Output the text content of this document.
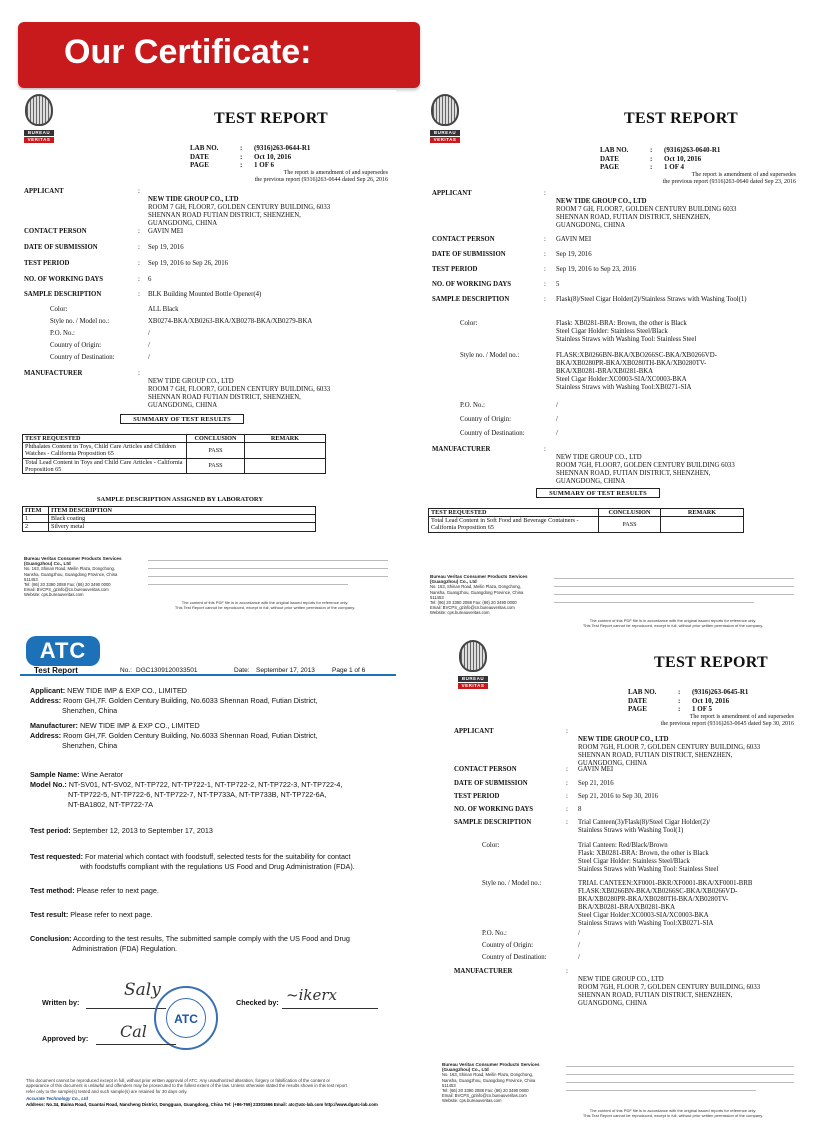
Our Certificate:
BUREAU
VERITAS
TEST REPORT
LAB NO.	:	(9316)263-0644-R1
DATE	:	Oct 10, 2016
PAGE	:	1 OF 6
The report is amendment of and supersedes
the previous report (9316)263-0644 dated Sep 26, 2016
APPLICANT	:

NEW TIDE GROUP CO., LTD
ROOM 7 GH, FLOOR7, GOLDEN CENTURY BUILDING, 6033
SHENNAN ROAD FUTIAN DISTRICT, SHENZHEN,
GUANGDONG, CHINA

CONTACT PERSON	: GAVIN MEI
DATE OF SUBMISSION	: Sep 19, 2016
TEST PERIOD	: Sep 19, 2016 to Sep 26, 2016
NO. OF WORKING DAYS	: 6
SAMPLE DESCRIPTION	: BLK Building Mounted Bottle Opener(4)
Color:	ALL Black
Style no. / Model no.:	XB0274-BKA/XB0263-BKA/XB0278-BKA/XB0279-BKA
P.O. No.:	/
Country of Origin:	/
Country of Destination:	/
MANUFACTURER	:

NEW TIDE GROUP CO., LTD
ROOM 7 GH, FLOOR7, GOLDEN CENTURY BUILDING, 6033
SHENNAN ROAD FUTIAN DISTRICT, SHENZHEN,
GUANGDONG, CHINA

SUMMARY OF TEST RESULTS
TEST REQUESTED	CONCLUSION	REMARK
Phthalates Content in Toys, Child Care Articles and Children Watches - California Proposition 65	PASS	
Total Lead Content in Toys and Child Care Articles - California Proposition 65	PASS	
SAMPLE DESCRIPTION ASSIGNED BY LABORATORY
ITEM	ITEM DESCRIPTION
1	Black coating
2	Silvery metal
Bureau Veritas Consumer Products Services (Guangzhou) Co., Ltd
No. 163, Shinan Road, Meilin Plaza, Dongchong,
Nansha, Guangzhou, Guangdong Province, China
511453
Tel: (86) 20 3390 2088 Fax: (86) 20 3490 0000
Email: BVCPS_gzinfo@cn.bureauveritas.com
Website: cps.bureauveritas.com
The content of this PDF file is in accordance with the original issued reports for reference only.
This Test Report cannot be reproduced, except in full, without prior written permission of the company.
BUREAU
VERITAS
TEST REPORT
LAB NO.	:	(9316)263-0640-R1
DATE	:	Oct 10, 2016
PAGE	:	1 OF 4
The report is amendment of and supersedes
the previous report (9316)263-0640 dated Sep 23, 2016
APPLICANT	:

NEW TIDE GROUP CO., LTD
ROOM 7 GH, FLOOR7, GOLDEN CENTURY BUILDING 6033
SHENNAN ROAD, FUTIAN DISTRICT, SHENZHEN,
GUANGDONG, CHINA

CONTACT PERSON	: GAVIN MEI
DATE OF SUBMISSION	: Sep 19, 2016
TEST PERIOD	: Sep 19, 2016 to Sep 23, 2016
NO. OF WORKING DAYS	: 5
SAMPLE DESCRIPTION	: Flask(8)/Steel Cigar Holder(2)/Stainless Straws with Washing Tool(1)
Color:	Flask: XB0281-BRA: Brown, the other is Black
Steel Cigar Holder: Stainless Steel/Black
Stainless Straws with Washing Tool: Stainless Steel
Style no. / Model no.:	FLASK:XB0266BN-BKA/XBO266SC-BKA/XB0266VD-
BKA/XB0280PR-BKA/XB0280TH-BKA/XB0280TV-
BKA/XB0281-BRA/XB0281-BKA
Steel Cigar Holder:XC0003-SIA/XC0003-BKA
Stainless Straws with Washing Tool:XB0271-SIA
P.O. No.:	/
Country of Origin:	/
Country of Destination:	/
MANUFACTURER	:

NEW TIDE GROUP CO., LTD
ROOM 7GH, FLOOR7, GOLDEN CENTURY BUILDING 6033
SHENNAN ROAD, FUTIAN DISTRICT, SHENZHEN,
GUANGDONG, CHINA

SUMMARY OF TEST RESULTS
TEST REQUESTED	CONCLUSION	REMARK
Total Lead Content in Soft Food and Beverage Containers - California Proposition 65	PASS	
Bureau Veritas Consumer Products Services (Guangzhou) Co., Ltd
No. 163, Shinan Road, Meilin Plaza, Dongchong,
Nansha, Guangzhou, Guangdong Province, China
511453
Tel: (86) 20 3390 2088 Fax: (86) 20 3490 0000
Email: BVCPS_gzinfo@cn.bureauveritas.com
Website: cps.bureauveritas.com
The content of this PDF file is in accordance with the original issued reports for reference only.
This Test Report cannot be reproduced, except in full, without prior written permission of the company.
ATC
Test Report	No.: DGC1309120033501	Date: September 17, 2013	Page 1 of 6
Applicant: NEW TIDE IMP & EXP CO., LIMITED
Address: Room GH,7F. Golden Century Building, No.6033 Shennan Road, Futian District,
Shenzhen, China
Manufacturer: NEW TIDE IMP & EXP CO., LIMITED
Address: Room GH,7F. Golden Century Building, No.6033 Shennan Road, Futian District,
Shenzhen, China
Sample Name: Wine Aerator
Model No.: NT-SV01, NT-SV02, NT-TP722, NT-TP722-1, NT-TP722-2, NT-TP722-3, NT-TP722-4,
NT-TP722-5, NT-TP722-6, NT-TP722-7, NT-TP733A, NT-TP733B, NT-TP722-6A,
NT-BA1802, NT-TP722-7A
Test period: September 12, 2013 to September 17, 2013
Test requested: For material which contact with foodstuff, selected tests for the suitability for contact
with foodstuffs compliant with the regulations US Food and Drug Administration (FDA).
Test method: Please refer to next page.
Test result: Please refer to next page.
Conclusion: According to the test results, The submitted sample comply with the US Food and Drug
Administration (FDA) Regulation.
Written by:
Saly
ATC
Checked by: ~ikerx
Approved by: Cal
This document cannot be reproduced except in full, without prior written approval of ATC. Any unauthorized alteration, forgery or falsification of the content or
appearance of this document is unlawful and offenders may be prosecuted to the fullest extent of the law. Unless otherwise stated the results shown in this test report
refer only to the sample(s) tested and such sample(s) are retained for 30 days only.
Accurate Technology Co., Ltd
Address: No.34, Baima Road, Guantai Road, Nancheng District, Dongguan, Guangdong, China Tel: (+86-769) 23301666 Email: atc@atc-lab.com http://www.dgatc-lab.com
BUREAU
VERITAS
TEST REPORT
LAB NO.	:	(9316)263-0645-R1
DATE	:	Oct 10, 2016
PAGE	:	1 OF 5
The report is amendment of and supersedes
the previous report (9316)263-0645 dated Sep 30, 2016
APPLICANT	:

NEW TIDE GROUP CO., LTD
ROOM 7GH, FLOOR 7, GOLDEN CENTURY BUILDING, 6033
SHENNAN ROAD, FUTIAN DISTRICT, SHENZHEN,
GUANGDONG, CHINA

CONTACT PERSON	: GAVIN MEI
DATE OF SUBMISSION	: Sep 21, 2016
TEST PERIOD	: Sep 21, 2016 to Sep 30, 2016
NO. OF WORKING DAYS	: 8
SAMPLE DESCRIPTION	: Trial Canteen(3)/Flask(8)/Steel Cigar Holder(2)/
Stainless Straws with Washing Tool(1)
Color:	Trial Canteen: Red/Black/Brown
Flask: XB0281-BRA: Brown, the other is Black
Steel Cigar Holder: Stainless Steel/Black
Stainless Straws with Washing Tool: Stainless Steel
Style no. / Model no.:	TRIAL CANTEEN:XF0001-BKR/XF0001-BKA/XF0001-BRB
FLASK:XB0266BN-BKA/XB0266SC-BKA/XB0266VD-
BKA/XB0280PR-BKA/XB0280TH-BKA/XB0280TV-
BKA/XB0281-BRA/XB0281-BKA
Steel Cigar Holder:XC0003-SIA/XC0003-BKA
Stainless Straws with Washing Tool:XB0271-SIA
P.O. No.:	/
Country of Origin:	/
Country of Destination:	/
MANUFACTURER	:

NEW TIDE GROUP CO., LTD
ROOM 7GH, FLOOR 7, GOLDEN CENTURY BUILDING, 6033
SHENNAN ROAD, FUTIAN DISTRICT, SHENZHEN,
GUANGDONG, CHINA

Bureau Veritas Consumer Products Services (Guangzhou) Co., Ltd
No. 163, Shinan Road, Meilin Plaza, Dongchong,
Nansha, Guangzhou, Guangdong Province, China
511453
Tel: (86) 20 3390 2088 Fax: (86) 20 3490 0000
Email: BVCPS_gzinfo@cn.bureauveritas.com
Website: cps.bureauveritas.com
The content of this PDF file is in accordance with the original issued reports for reference only.
This Test Report cannot be reproduced, except in full, without prior written permission of the company.
